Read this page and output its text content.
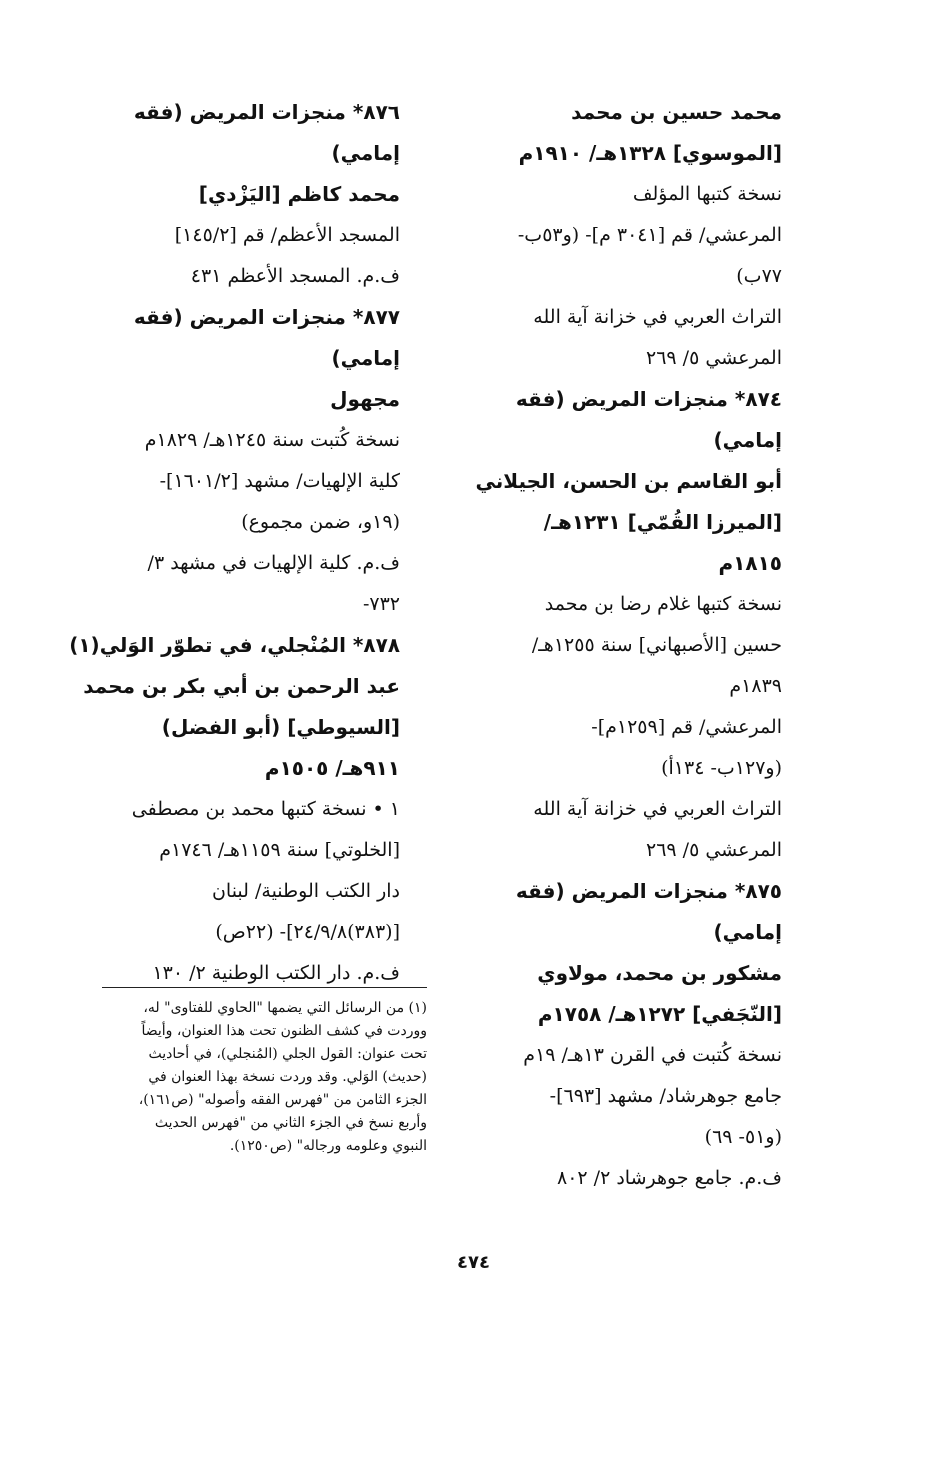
محمد حسين بن محمد
[الموسوي] ١٣٢٨هـ/ ١٩١٠م
نسخة كتبها المؤلف
المرعشي/ قم [٣٠٤١ م]- (و٥٣ب-
٧٧ب)
التراث العربي في خزانة آية الله
المرعشي ٥/ ٢٦٩
٨٧٤* منجزات المريض (فقه
إمامي)
أبو القاسم بن الحسن، الجيلاني
[الميرزا القُمّي] ١٢٣١هـ/
١٨١٥م
نسخة كتبها غلام رضا بن محمد
حسين [الأصبهاني] سنة ١٢٥٥هـ/
١٨٣٩م
المرعشي/ قم [١٢٥٩م]-
(و١٢٧ب- ١٣٤أ)
التراث العربي في خزانة آية الله
المرعشي ٥/ ٢٦٩
٨٧٥* منجزات المريض (فقه
إمامي)
مشكور بن محمد، مولاوي
[النّجَفي] ١٢٧٢هـ/ ١٧٥٨م
نسخة كُتبت في القرن ١٣هـ/ ١٩م
جامع جوهرشاد/ مشهد [٦٩٣]-
(و٥١- ٦٩)
ف.م. جامع جوهرشاد ٢/ ٨٠٢
٨٧٦* منجزات المريض (فقه
إمامي)
محمد كاظم [اليَزْدي]
المسجد الأعظم/ قم [١٤٥/٢]
ف.م. المسجد الأعظم ٤٣١
٨٧٧* منجزات المريض (فقه
إمامي)
مجهول
نسخة كُتبت سنة ١٢٤٥هـ/ ١٨٢٩م
كلية الإلهيات/ مشهد [١٦٠١/٢]-
(١٩و، ضمن مجموع)
ف.م. كلية الإلهيات في مشهد ٣/
٧٣٢-
٨٧٨* المُنْجلي، في تطوّر الوَلي(١)
عبد الرحمن بن أبي بكر بن محمد
[السيوطي] (أبو الفضل)
٩١١هـ/ ١٥٠٥م
١ • نسخة كتبها محمد بن مصطفى
[الخلوتي] سنة ١١٥٩هـ/ ١٧٤٦م
دار الكتب الوطنية/ لبنان
[(٣٨٣)٢٤/٩/٨]- (٢٢ص)
ف.م. دار الكتب الوطنية ٢/ ١٣٠
(١) من الرسائل التي يضمها "الحاوي للفتاوى" له،
ووردت في كشف الظنون تحت هذا العنوان، وأيضاً
تحت عنوان: القول الجلي (المُنجلي)، في أحاديث
(حديث) الوَلي. وقد وردت نسخة بهذا العنوان في
الجزء الثامن من "فهرس الفقه وأصوله" (ص١٦١)،
وأربع نسخ في الجزء الثاني من "فهرس الحديث
النبوي وعلومه ورجاله" (ص١٢٥٠).
٤٧٤
